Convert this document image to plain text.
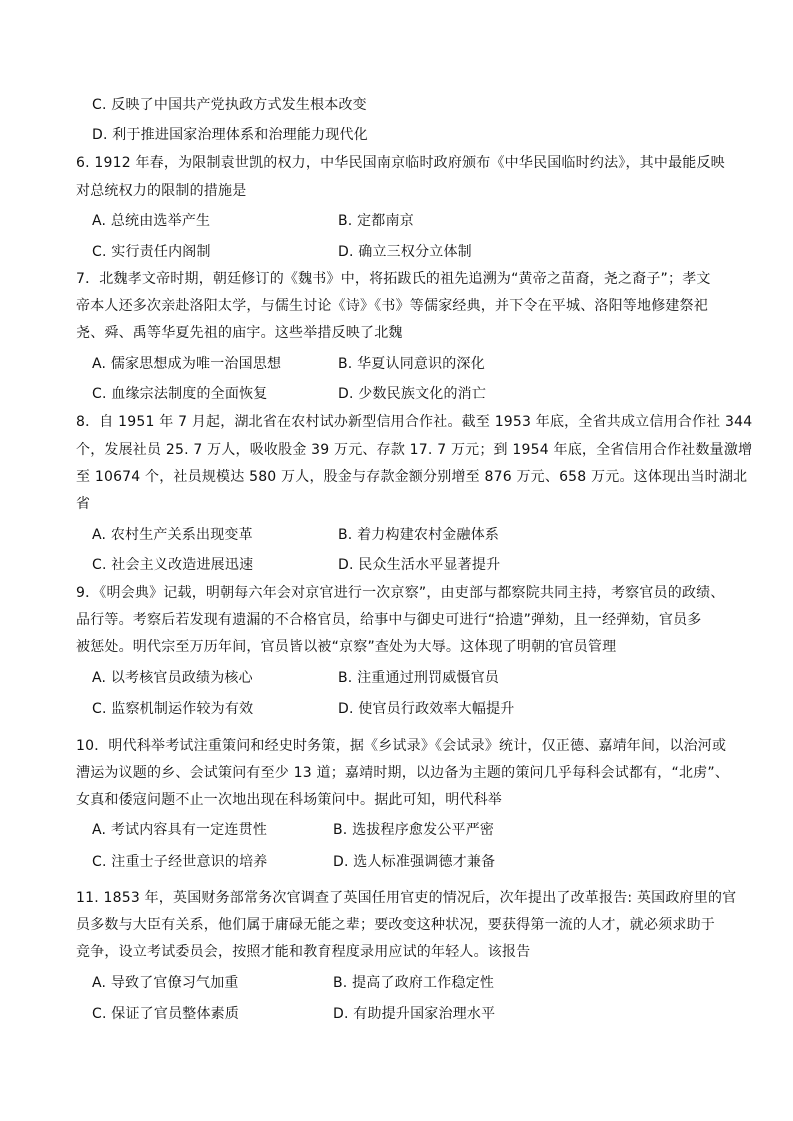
C. 反映了中国共产党执政方式发生根本改变
D. 利于推进国家治理体系和治理能力现代化
6. 1912 年春，为限制袁世凯的权力，中华民国南京临时政府颁布《中华民国临时约法》，其中最能反映
对总统权力的限制的措施是
A. 总统由选举产生	B. 定都南京
C. 实行责任内阁制	D. 确立三权分立体制
7．北魏孝文帝时期，朝廷修订的《魏书》中，将拓跋氏的祖先追溯为“黄帝之苗裔，尧之裔子”；孝文
帝本人还多次亲赴洛阳太学，与儒生讨论《诗》《书》等儒家经典，并下令在平城、洛阳等地修建祭祀
尧、舜、禹等华夏先祖的庙宇。这些举措反映了北魏
A. 儒家思想成为唯一治国思想	B. 华夏认同意识的深化
C. 血缘宗法制度的全面恢复	D. 少数民族文化的消亡
8．自 1951 年 7 月起，湖北省在农村试办新型信用合作社。截至 1953 年底，全省共成立信用合作社 344
个，发展社员 25. 7 万人，吸收股金 39 万元、存款 17. 7 万元；到 1954 年底，全省信用合作社数量激增
至 10674 个，社员规模达 580 万人，股金与存款金额分别增至 876 万元、658 万元。这体现出当时湖北
省
A. 农村生产关系出现变革	B. 着力构建农村金融体系
C. 社会主义改造进展迅速	D. 民众生活水平显著提升
9．《明会典》记载，明朝每六年会对京官进行一次京察”，由吏部与都察院共同主持，考察官员的政绩、
品行等。考察后若发现有遗漏的不合格官员，给事中与御史可进行“拾遗”弹劾，且一经弹劾，官员多
被惩处。明代宗至万历年间，官员皆以被“京察”查处为大辱。这体现了明朝的官员管理
A. 以考核官员政绩为核心	B. 注重通过刑罚威慑官员
C. 监察机制运作较为有效	D. 使官员行政效率大幅提升
10．明代科举考试注重策问和经史时务策，据《乡试录》《会试录》统计，仅正德、嘉靖年间，以治河或
漕运为议题的乡、会试策问有至少 13 道；嘉靖时期，以边备为主题的策问几乎每科会试都有，“北虏”、
女真和倭寇问题不止一次地出现在科场策问中。据此可知，明代科举
A. 考试内容具有一定连贯性	B. 选拔程序愈发公平严密
C. 注重士子经世意识的培养	D. 选人标准强调德才兼备
11. 1853 年，英国财务部常务次官调查了英国任用官吏的情况后，次年提出了改革报告: 英国政府里的官
员多数与大臣有关系，他们属于庸碌无能之辈；要改变这种状况，要获得第一流的人才，就必须求助于
竞争，设立考试委员会，按照才能和教育程度录用应试的年轻人。该报告
A. 导致了官僚习气加重	B. 提高了政府工作稳定性
C. 保证了官员整体素质	D. 有助提升国家治理水平
